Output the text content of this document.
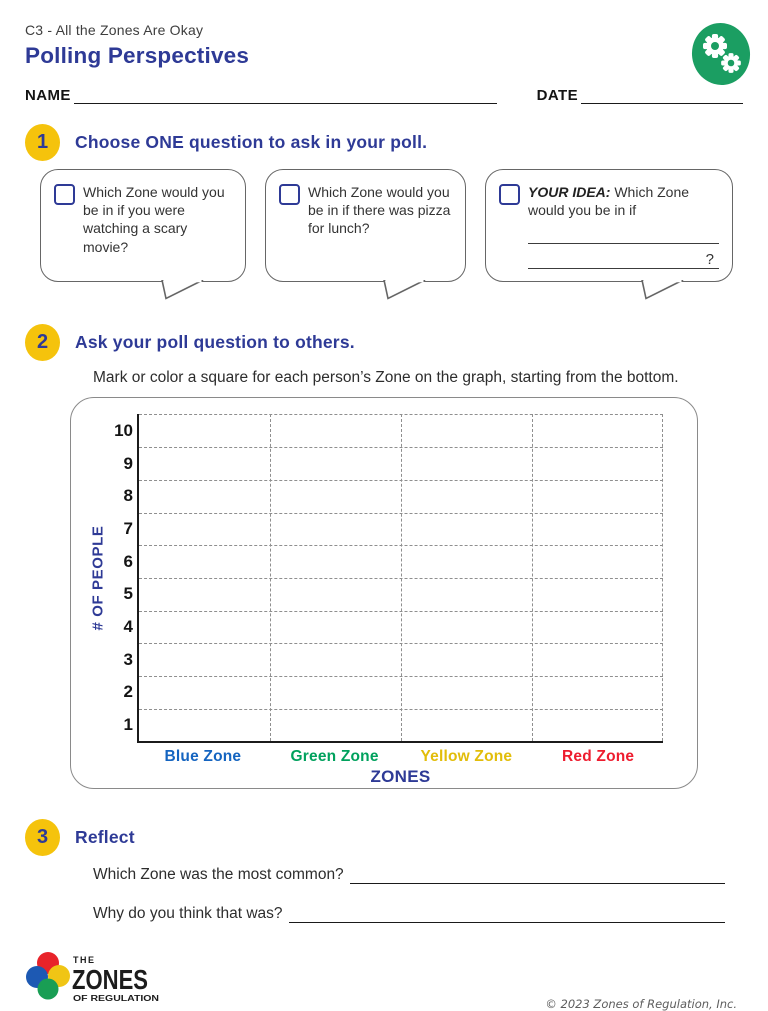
C3 - All the Zones Are Okay
Polling Perspectives
NAME	DATE
1	Choose ONE question to ask in your poll.
Which Zone would you be in if you were watching a scary movie?
Which Zone would you be in if there was pizza for lunch?
YOUR IDEA: Which Zone would you be in if
?
2	Ask your poll question to others.
Mark or color a square for each person’s Zone on the graph, starting from the bottom.
# OF PEOPLE
10
9
8
7
6
5
4
3
2
1
Blue Zone	Green Zone	Yellow Zone	Red Zone
ZONES
3	Reflect
Which Zone was the most common?
Why do you think that was?
THE
ZONES
OF REGULATION	© 2023 Zones of Regulation, Inc.
